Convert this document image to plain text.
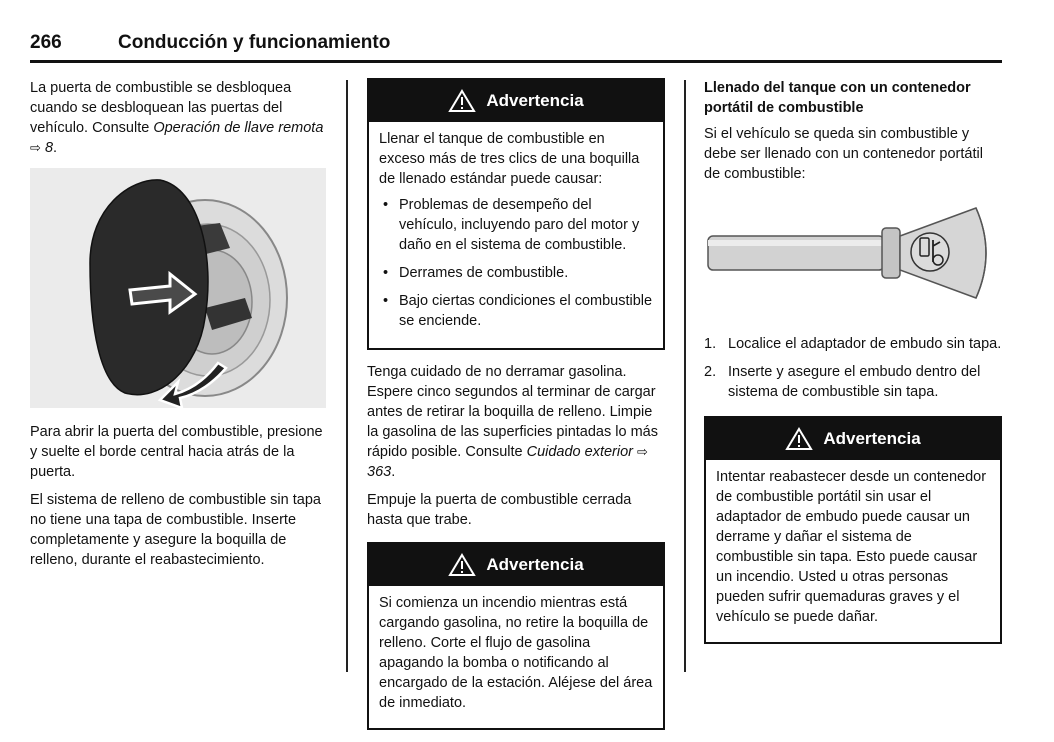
266	Conducción y funcionamiento

La puerta de combustible se desbloquea cuando se desbloquean las puertas del vehículo. Consulte Operación de llave remota ⇨ 8.

Para abrir la puerta del combustible, presione y suelte el borde central hacia atrás de la puerta.

El sistema de relleno de combustible sin tapa no tiene una tapa de combustible. Inserte completamente y asegure la boquilla de relleno, durante el reabastecimiento.

Advertencia

Llenar el tanque de combustible en exceso más de tres clics de una boquilla de llenado estándar puede causar:

• Problemas de desempeño del vehículo, incluyendo paro del motor y daño en el sistema de combustible.
• Derrames de combustible.
• Bajo ciertas condiciones el combustible se enciende.

Tenga cuidado de no derramar gasolina. Espere cinco segundos al terminar de cargar antes de retirar la boquilla de relleno. Limpie la gasolina de las superficies pintadas lo más rápido posible. Consulte Cuidado exterior ⇨ 363.

Empuje la puerta de combustible cerrada hasta que trabe.

Advertencia

Si comienza un incendio mientras está cargando gasolina, no retire la boquilla de relleno. Corte el flujo de gasolina apagando la bomba o notificando al encargado de la estación. Aléjese del área de inmediato.

Llenado del tanque con un contenedor portátil de combustible

Si el vehículo se queda sin combustible y debe ser llenado con un contenedor portátil de combustible:

1. Localice el adaptador de embudo sin tapa.
2. Inserte y asegure el embudo dentro del sistema de combustible sin tapa.
Advertencia

Intentar reabastecer desde un contenedor de combustible portátil sin usar el adaptador de embudo puede causar un derrame y dañar el sistema de combustible sin tapa. Esto puede causar un incendio. Usted u otras personas pueden sufrir quemaduras graves y el vehículo se puede dañar.
